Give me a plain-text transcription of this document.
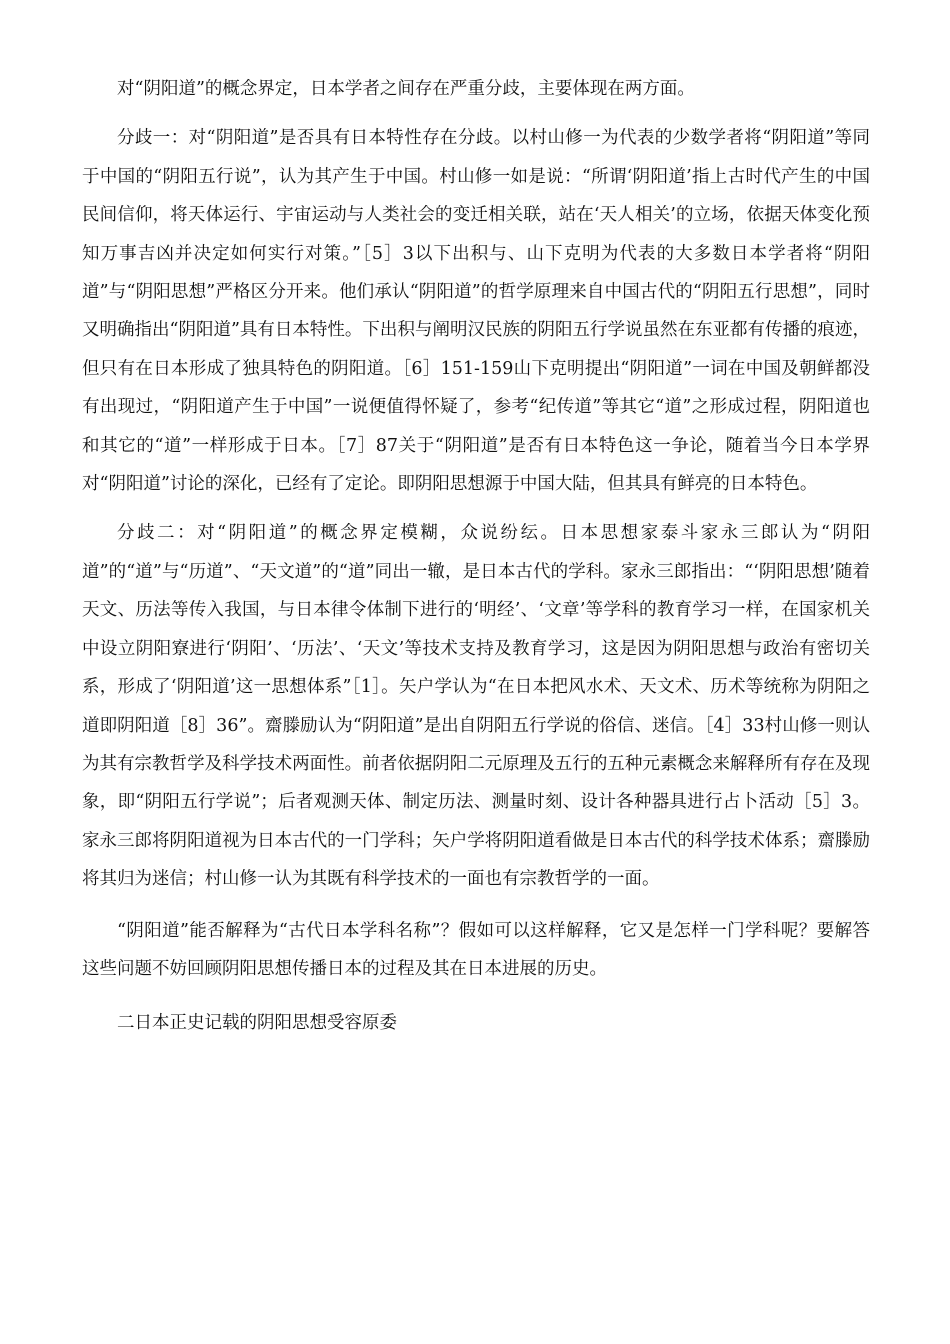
对“阴阳道”的概念界定，日本学者之间存在严重分歧，主要体现在两方面。

分歧一：对“阴阳道”是否具有日本特性存在分歧。以村山修一为代表的少数学者将“阴阳道”等同于中国的“阴阳五行说”，认为其产生于中国。村山修一如是说：“所谓‘阴阳道’指上古时代产生的中国民间信仰，将天体运行、宇宙运动与人类社会的变迁相关联，站在‘天人相关’的立场，依据天体变化预知万事吉凶并决定如何实行对策。”［5］3以下出积与、山下克明为代表的大多数日本学者将“阴阳道”与“阴阳思想”严格区分开来。他们承认“阴阳道”的哲学原理来自中国古代的“阴阳五行思想”，同时又明确指出“阴阳道”具有日本特性。下出积与阐明汉民族的阴阳五行学说虽然在东亚都有传播的痕迹，但只有在日本形成了独具特色的阴阳道。［6］151-159山下克明提出“阴阳道”一词在中国及朝鲜都没有出现过，“阴阳道产生于中国”一说便值得怀疑了，参考“纪传道”等其它“道”之形成过程，阴阳道也和其它的“道”一样形成于日本。［7］87关于“阴阳道”是否有日本特色这一争论，随着当今日本学界对“阴阳道”讨论的深化，已经有了定论。即阴阳思想源于中国大陆，但其具有鲜亮的日本特色。

分歧二：对“阴阳道”的概念界定模糊，众说纷纭。日本思想家泰斗家永三郎认为“阴阳道”的“道”与“历道”、“天文道”的“道”同出一辙，是日本古代的学科。家永三郎指出：“‘阴阳思想’随着天文、历法等传入我国，与日本律令体制下进行的‘明经’、‘文章’等学科的教育学习一样，在国家机关中设立阴阳寮进行‘阴阳’、‘历法’、‘天文’等技术支持及教育学习，这是因为阴阳思想与政治有密切关系，形成了‘阴阳道’这一思想体系”［1］。矢户学认为“在日本把风水术、天文术、历术等统称为阴阳之道即阴阳道［8］36”。齋滕励认为“阴阳道”是出自阴阳五行学说的俗信、迷信。［4］33村山修一则认为其有宗教哲学及科学技术两面性。前者依据阴阳二元原理及五行的五种元素概念来解释所有存在及现象，即“阴阳五行学说”；后者观测天体、制定历法、测量时刻、设计各种器具进行占卜活动［5］3。家永三郎将阴阳道视为日本古代的一门学科；矢户学将阴阳道看做是日本古代的科学技术体系；齋滕励将其归为迷信；村山修一认为其既有科学技术的一面也有宗教哲学的一面。

“阴阳道”能否解释为“古代日本学科名称”？假如可以这样解释，它又是怎样一门学科呢？要解答这些问题不妨回顾阴阳思想传播日本的过程及其在日本进展的历史。

二日本正史记载的阴阳思想受容原委
